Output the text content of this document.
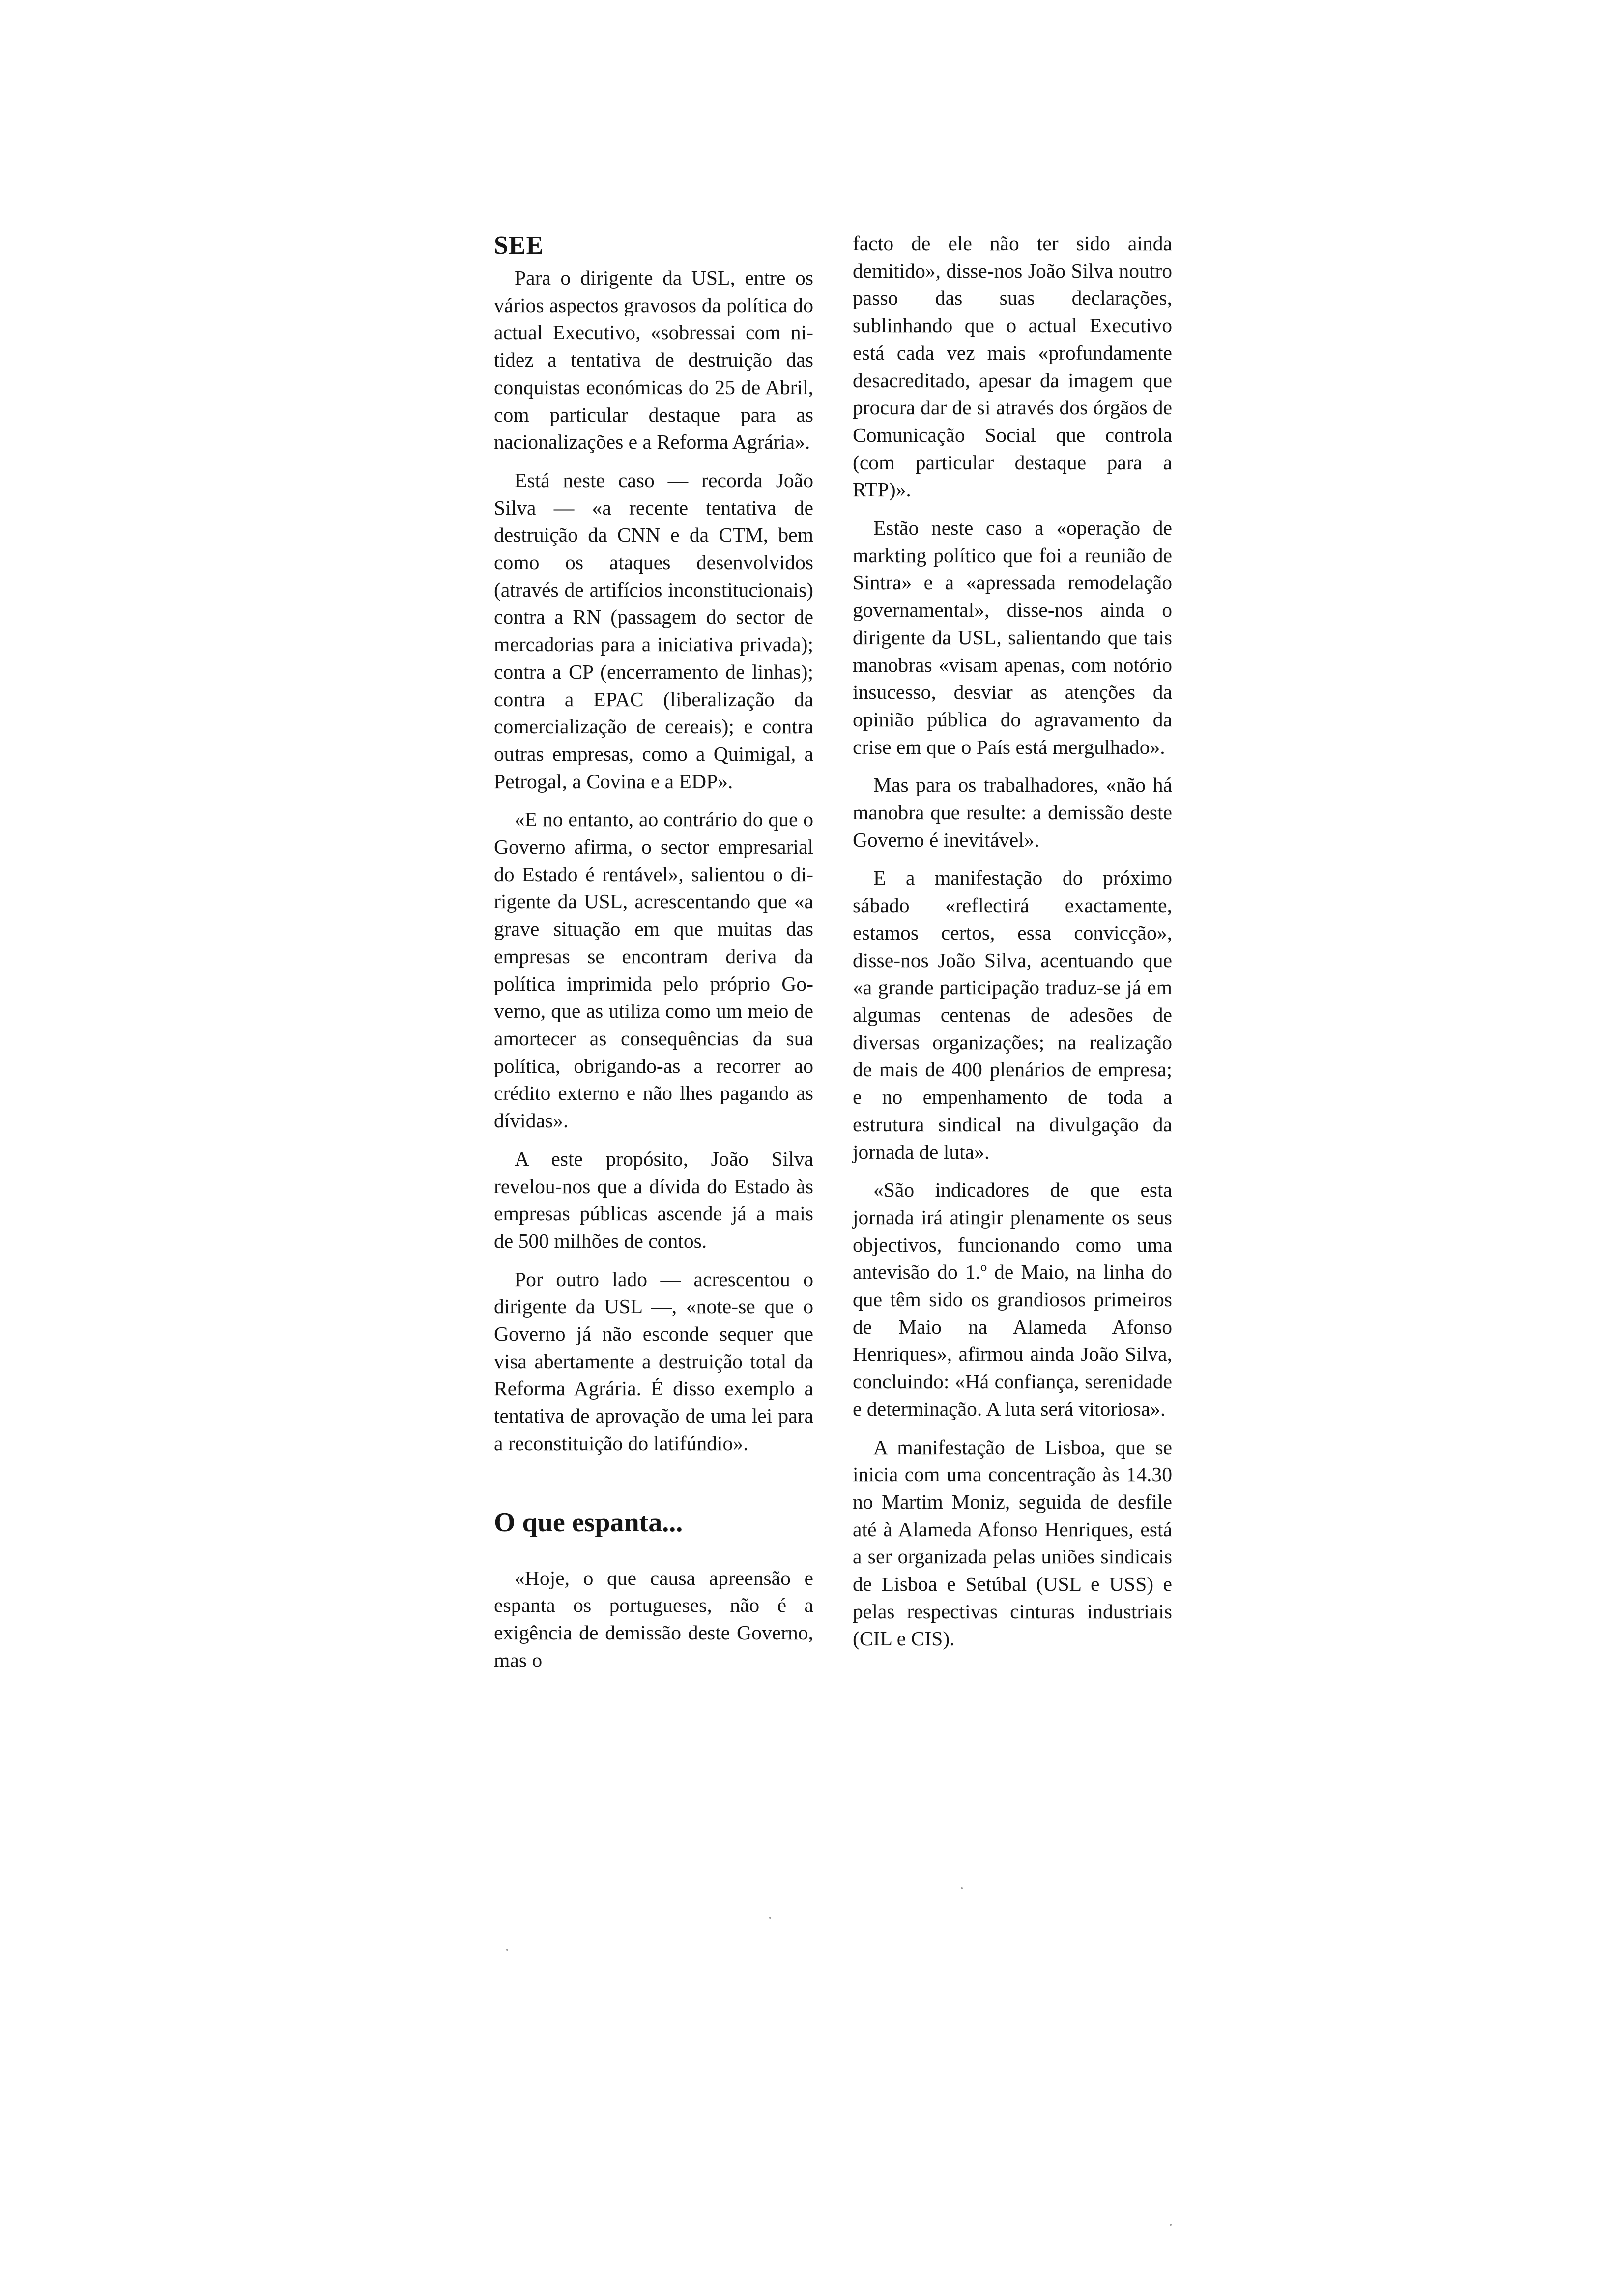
SEE

Para o dirigente da USL, entre os vários aspectos gravosos da política do actual Executivo, «sobressai com nitidez a tentativa de destruição das conquistas económicas do 25 de Abril, com particular destaque para as nacionalizações e a Reforma Agrária».

Está neste caso — recorda João Silva — «a recente tentativa de destruição da CNN e da CTM, bem como os ataques desenvolvidos (através de artifícios inconstitucionais) contra a RN (passagem do sector de mercadorias para a iniciativa privada); contra a CP (encerramento de linhas); contra a EPAC (liberalização da comercialização de cereais); e contra outras empresas, como a Quimigal, a Petrogal, a Covina e a EDP».

«E no entanto, ao contrário do que o Governo afirma, o sector empresarial do Estado é rentável», salientou o dirigente da USL, acrescentando que «a grave situação em que muitas das empresas se encontram deriva da política imprimida pelo próprio Governo, que as utiliza como um meio de amortecer as consequências da sua política, obrigando-as a recorrer ao crédito externo e não lhes pagando as dívidas».

A este propósito, João Silva revelou-nos que a dívida do Estado às empresas públicas ascende já a mais de 500 milhões de contos.

Por outro lado — acrescentou o dirigente da USL —, «note-se que o Governo já não esconde sequer que visa abertamente a destruição total da Reforma Agrária. É disso exemplo a tentativa de aprovação de uma lei para a reconstituição do latifúndio».

O que espanta...

«Hoje, o que causa apreensão e espanta os portugueses, não é a exigência de demissão deste Governo, mas o

facto de ele não ter sido ainda demitido», disse-nos João Silva noutro passo das suas declarações, sublinhando que o actual Executivo está cada vez mais «profundamente desacreditado, apesar da imagem que procura dar de si através dos órgãos de Comunicação Social que controla (com particular destaque para a RTP)».

Estão neste caso a «operação de markting político que foi a reunião de Sintra» e a «apressada remodelação governamental», disse-nos ainda o dirigente da USL, salientando que tais manobras «visam apenas, com notório insucesso, desviar as atenções da opinião pública do agravamento da crise em que o País está mergulhado».

Mas para os trabalhadores, «não há manobra que resulte: a demissão deste Governo é inevitável».

E a manifestação do próximo sábado «reflectirá exactamente, estamos certos, essa convicção», disse-nos João Silva, acentuando que «a grande participação traduz-se já em algumas centenas de adesões de diversas organizações; na realização de mais de 400 plenários de empresa; e no empenhamento de toda a estrutura sindical na divulgação da jornada de luta».

«São indicadores de que esta jornada irá atingir plenamente os seus objectivos, funcionando como uma antevisão do 1.º de Maio, na linha do que têm sido os grandiosos primeiros de Maio na Alameda Afonso Henriques», afirmou ainda João Silva, concluindo: «Há confiança, serenidade e determinação. A luta será vitoriosa».

A manifestação de Lisboa, que se inicia com uma concentração às 14.30 no Martim Moniz, seguida de desfile até à Alameda Afonso Henriques, está a ser organizada pelas uniões sindicais de Lisboa e Setúbal (USL e USS) e pelas respectivas cinturas industriais (CIL e CIS).
